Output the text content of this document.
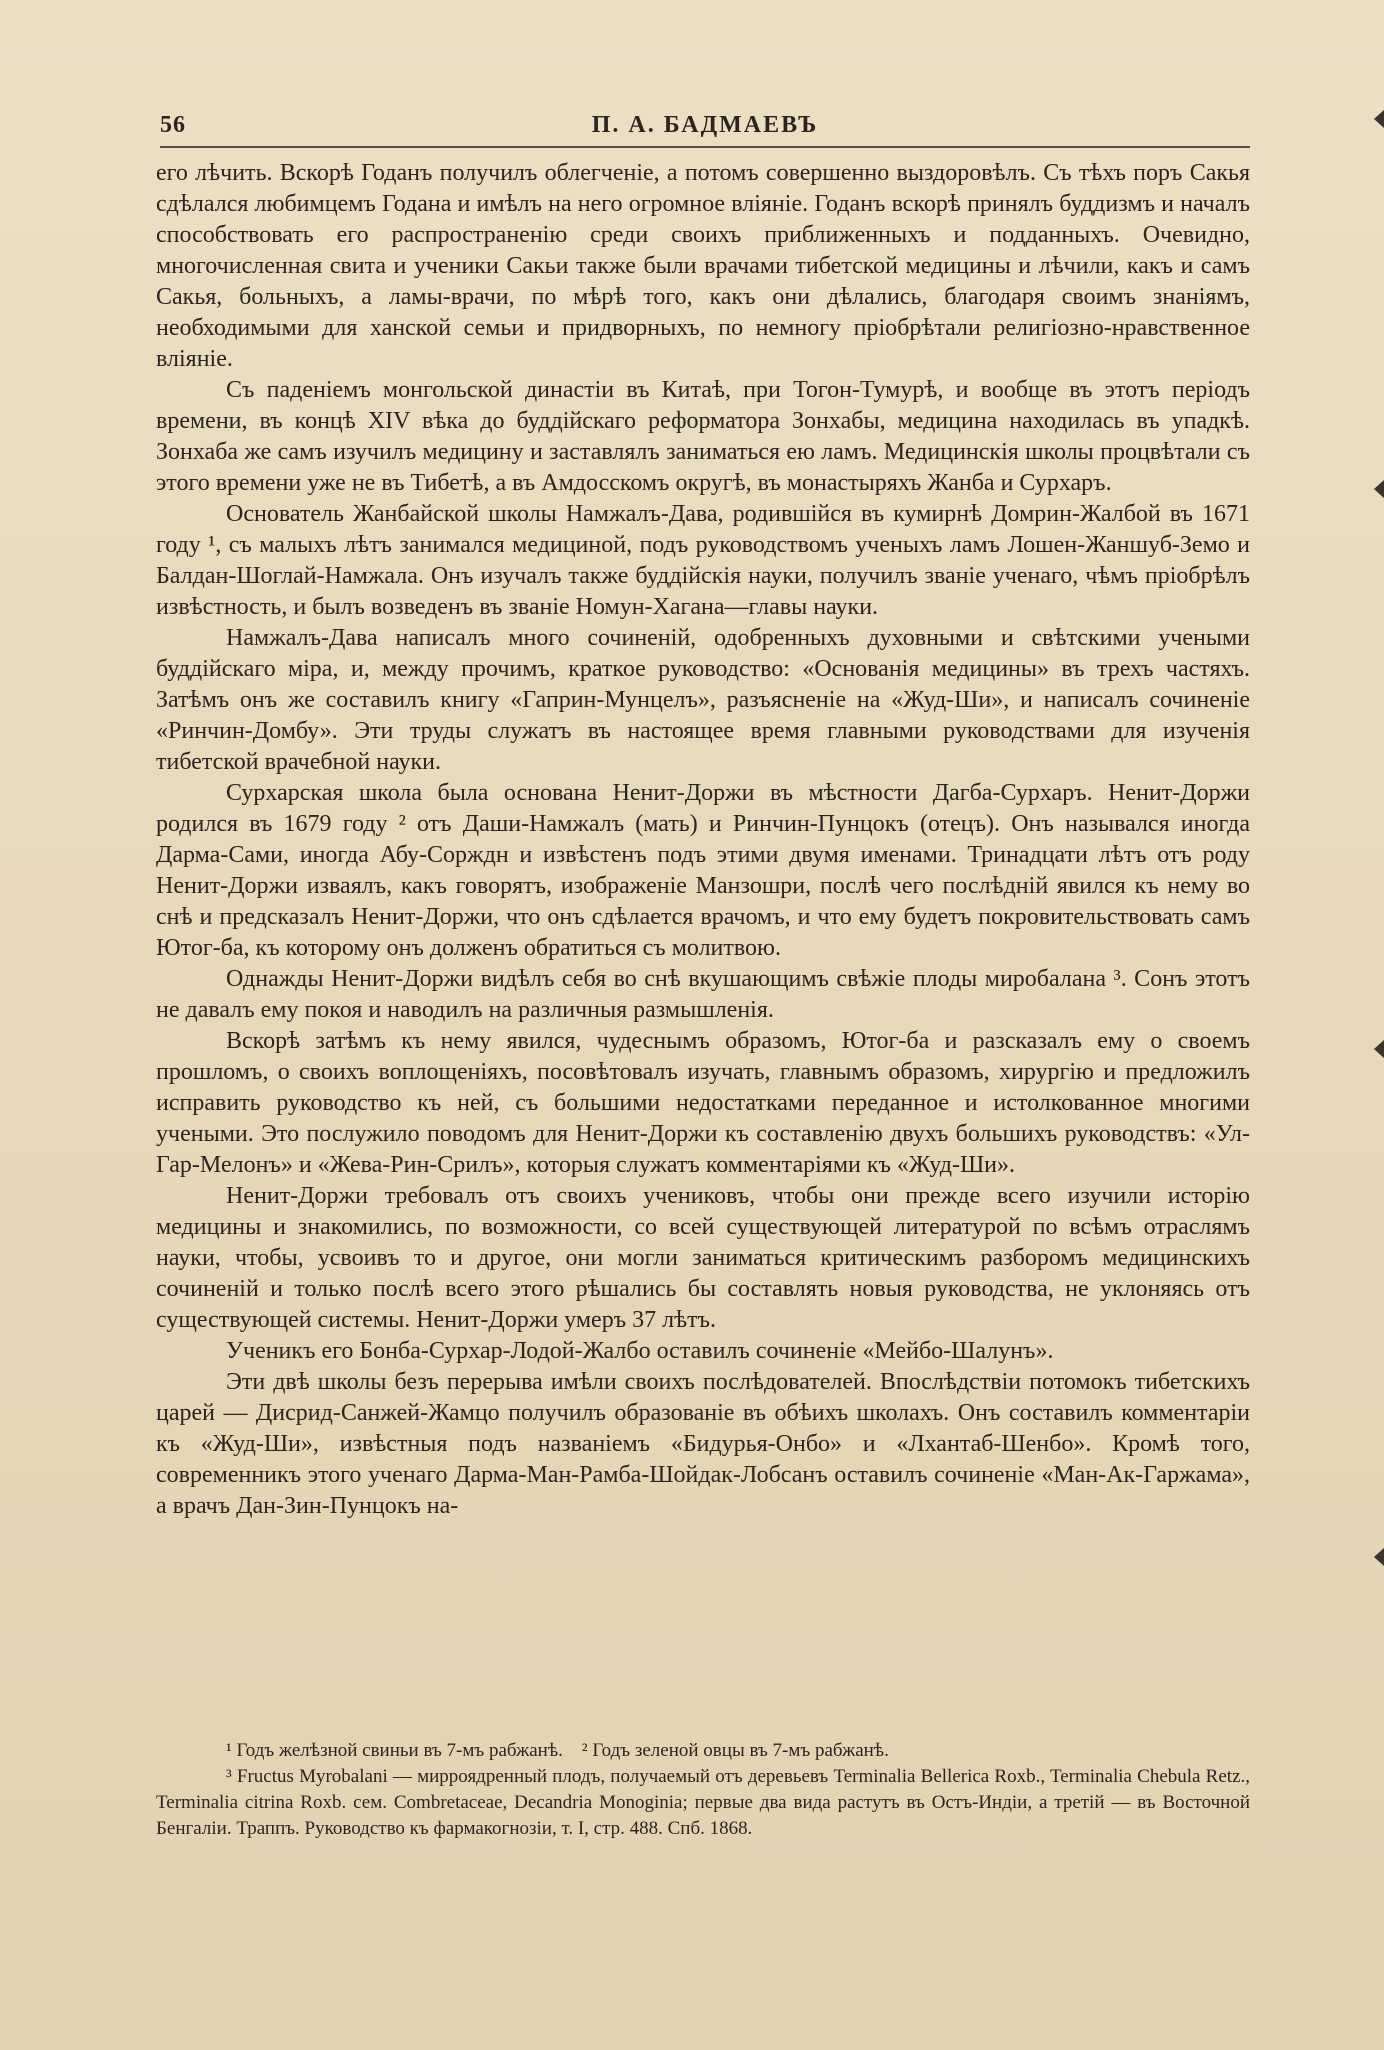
56	П. А. БАДМАЕВЪ

его лѣчить. Вскорѣ Годанъ получилъ облегченіе, а потомъ совершенно выздоровѣлъ. Съ тѣхъ поръ Сакья сдѣлался любимцемъ Годана и имѣлъ на него огромное вліяніе. Годанъ вскорѣ принялъ буддизмъ и началъ способствовать его распространенію среди своихъ приближенныхъ и подданныхъ. Очевидно, многочисленная свита и ученики Сакьи также были врачами тибетской медицины и лѣчили, какъ и самъ Сакья, больныхъ, а ламы-врачи, по мѣрѣ того, какъ они дѣлались, благодаря своимъ знаніямъ, необходимыми для ханской семьи и придворныхъ, по немногу пріобрѣтали религіозно-нравственное вліяніе.

Съ паденіемъ монгольской династіи въ Китаѣ, при Тогон-Тумурѣ, и вообще въ этотъ періодъ времени, въ концѣ XIV вѣка до буддійскаго реформатора Зонхабы, медицина находилась въ упадкѣ. Зонхаба же самъ изучилъ медицину и заставлялъ заниматься ею ламъ. Медицинскія школы процвѣтали съ этого времени уже не въ Тибетѣ, а въ Амдосскомъ округѣ, въ монастыряхъ Жанба и Сурхаръ.

Основатель Жанбайской школы Намжалъ-Дава, родившійся въ кумирнѣ Домрин-Жалбой въ 1671 году ¹, съ малыхъ лѣтъ занимался медициной, подъ руководствомъ ученыхъ ламъ Лошен-Жаншуб-Земо и Балдан-Шоглай-Намжала. Онъ изучалъ также буддійскія науки, получилъ званіе ученаго, чѣмъ пріобрѣлъ извѣстность, и былъ возведенъ въ званіе Номун-Хагана—главы науки.

Намжалъ-Дава написалъ много сочиненій, одобренныхъ духовными и свѣтскими учеными буддійскаго міра, и, между прочимъ, краткое руководство: «Основанія медицины» въ трехъ частяхъ. Затѣмъ онъ же составилъ книгу «Гаприн-Мунцелъ», разъясненіе на «Жуд-Ши», и написалъ сочиненіе «Ринчин-Домбу». Эти труды служатъ въ настоящее время главными руководствами для изученія тибетской врачебной науки.

Сурхарская школа была основана Ненит-Доржи въ мѣстности Дагба-Сурхаръ. Ненит-Доржи родился въ 1679 году ² отъ Даши-Намжалъ (мать) и Ринчин-Пунцокъ (отецъ). Онъ назывался иногда Дарма-Сами, иногда Абу-Сорждн и извѣстенъ подъ этими двумя именами. Тринадцати лѣтъ отъ роду Ненит-Доржи изваялъ, какъ говорятъ, изображеніе Манзошри, послѣ чего послѣдній явился къ нему во снѣ и предсказалъ Ненит-Доржи, что онъ сдѣлается врачомъ, и что ему будетъ покровительствовать самъ Ютог-ба, къ которому онъ долженъ обратиться съ молитвою.

Однажды Ненит-Доржи видѣлъ себя во снѣ вкушающимъ свѣжіе плоды миробалана ³. Сонъ этотъ не давалъ ему покоя и наводилъ на различныя размышленія.

Вскорѣ затѣмъ къ нему явился, чудеснымъ образомъ, Ютог-ба и разсказалъ ему о своемъ прошломъ, о своихъ воплощеніяхъ, посовѣтовалъ изучать, главнымъ образомъ, хирургію и предложилъ исправить руководство къ ней, съ большими недостатками переданное и истолкованное многими учеными. Это послужило поводомъ для Ненит-Доржи къ составленію двухъ большихъ руководствъ: «Ул-Гар-Мелонъ» и «Жева-Рин-Срилъ», которыя служатъ комментаріями къ «Жуд-Ши».

Ненит-Доржи требовалъ отъ своихъ учениковъ, чтобы они прежде всего изучили исторію медицины и знакомились, по возможности, со всей существующей литературой по всѣмъ отраслямъ науки, чтобы, усвоивъ то и другое, они могли заниматься критическимъ разборомъ медицинскихъ сочиненій и только послѣ всего этого рѣшались бы составлять новыя руководства, не уклоняясь отъ существующей системы. Ненит-Доржи умеръ 37 лѣтъ.

Ученикъ его Бонба-Сурхар-Лодой-Жалбо оставилъ сочиненіе «Мейбо-Шалунъ».

Эти двѣ школы безъ перерыва имѣли своихъ послѣдователей. Впослѣдствіи потомокъ тибетскихъ царей — Дисрид-Санжей-Жамцо получилъ образованіе въ обѣихъ школахъ. Онъ составилъ комментаріи къ «Жуд-Ши», извѣстныя подъ названіемъ «Бидурья-Онбо» и «Лхантаб-Шенбо». Кромѣ того, современникъ этого ученаго Дарма-Ман-Рамба-Шойдак-Лобсанъ оставилъ сочиненіе «Ман-Ак-Гаржама», а врачъ Дан-Зин-Пунцокъ на-

¹ Годъ желѣзной свиньи въ 7-мъ рабжанѣ. ² Годъ зеленой овцы въ 7-мъ рабжанѣ.

³ Fructus Myrobalani — мирроядренный плодъ, получаемый отъ деревьевъ Terminalia Bellerica Roxb., Terminalia Chebula Retz., Terminalia citrina Roxb. сем. Combretaceae, Decandria Monoginia; первые два вида растутъ въ Остъ-Индіи, а третій — въ Восточной Бенгаліи. Траппъ. Руководство къ фармакогнозіи, т. I, стр. 488. Спб. 1868.
